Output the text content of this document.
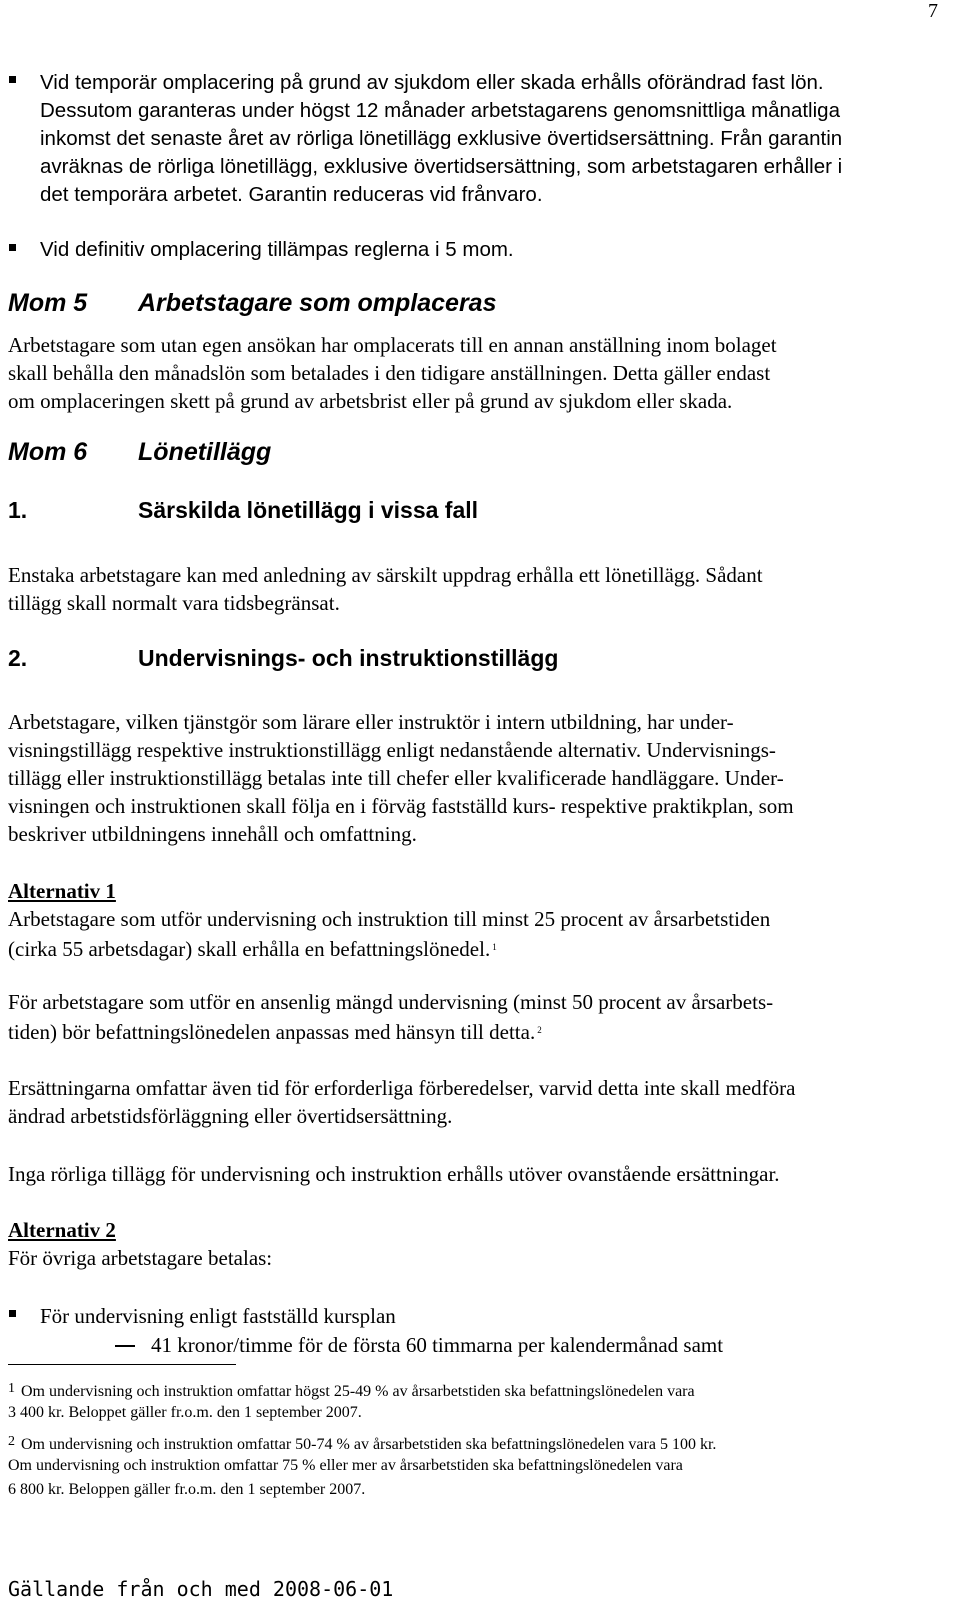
7
Vid temporär omplacering på grund av sjukdom eller skada erhålls oförändrad fast lön.
Dessutom garanteras under högst 12 månader arbetstagarens genomsnittliga månatliga
inkomst det senaste året av rörliga lönetillägg exklusive övertidsersättning. Från garantin
avräknas de rörliga lönetillägg, exklusive övertidsersättning, som arbetstagaren erhåller i
det temporära arbetet. Garantin reduceras vid frånvaro.
Vid definitiv omplacering tillämpas reglerna i 5 mom.
Mom 5 Arbetstagare som omplaceras
Arbetstagare som utan egen ansökan har omplacerats till en annan anställning inom bolaget
skall behålla den månadslön som betalades i den tidigare anställningen. Detta gäller endast
om omplaceringen skett på grund av arbetsbrist eller på grund av sjukdom eller skada.
Mom 6 Lönetillägg
1.	Särskilda lönetillägg i vissa fall
Enstaka arbetstagare kan med anledning av särskilt uppdrag erhålla ett lönetillägg. Sådant
tillägg skall normalt vara tidsbegränsat.
2.	Undervisnings- och instruktionstillägg
Arbetstagare, vilken tjänstgör som lärare eller instruktör i intern utbildning, har under-
visningstillägg respektive instruktionstillägg enligt nedanstående alternativ. Undervisnings-
tillägg eller instruktionstillägg betalas inte till chefer eller kvalificerade handläggare. Under-
visningen och instruktionen skall följa en i förväg fastställd kurs- respektive praktikplan, som
beskriver utbildningens innehåll och omfattning.
Alternativ 1
Arbetstagare som utför undervisning och instruktion till minst 25 procent av årsarbetstiden
(cirka 55 arbetsdagar) skall erhålla en befattningslönedel. $^1$
För arbetstagare som utför en ansenlig mängd undervisning (minst 50 procent av årsarbets-
tiden) bör befattningslönedelen anpassas med hänsyn till detta. $^2$
Ersättningarna omfattar även tid för erforderliga förberedelser, varvid detta inte skall medföra
ändrad arbetstidsförläggning eller övertidsersättning.
Inga rörliga tillägg för undervisning och instruktion erhålls utöver ovanstående ersättningar.
Alternativ 2
För övriga arbetstagare betalas:
För undervisning enligt fastställd kursplan
41 kronor/timme för de första 60 timmarna per kalendermånad samt
1 Om undervisning och instruktion omfattar högst 25-49 % av årsarbetstiden ska befattningslönedelen vara
3 400 kr. Beloppet gäller fr.o.m. den 1 september 2007.
2 Om undervisning och instruktion omfattar 50-74 % av årsarbetstiden ska befattningslönedelen vara 5 100 kr.
Om undervisning och instruktion omfattar 75 % eller mer av årsarbetstiden ska befattningslönedelen vara
6 800 kr. Beloppen gäller fr.o.m. den 1 september 2007.
Gällande från och med 2008-06-01
